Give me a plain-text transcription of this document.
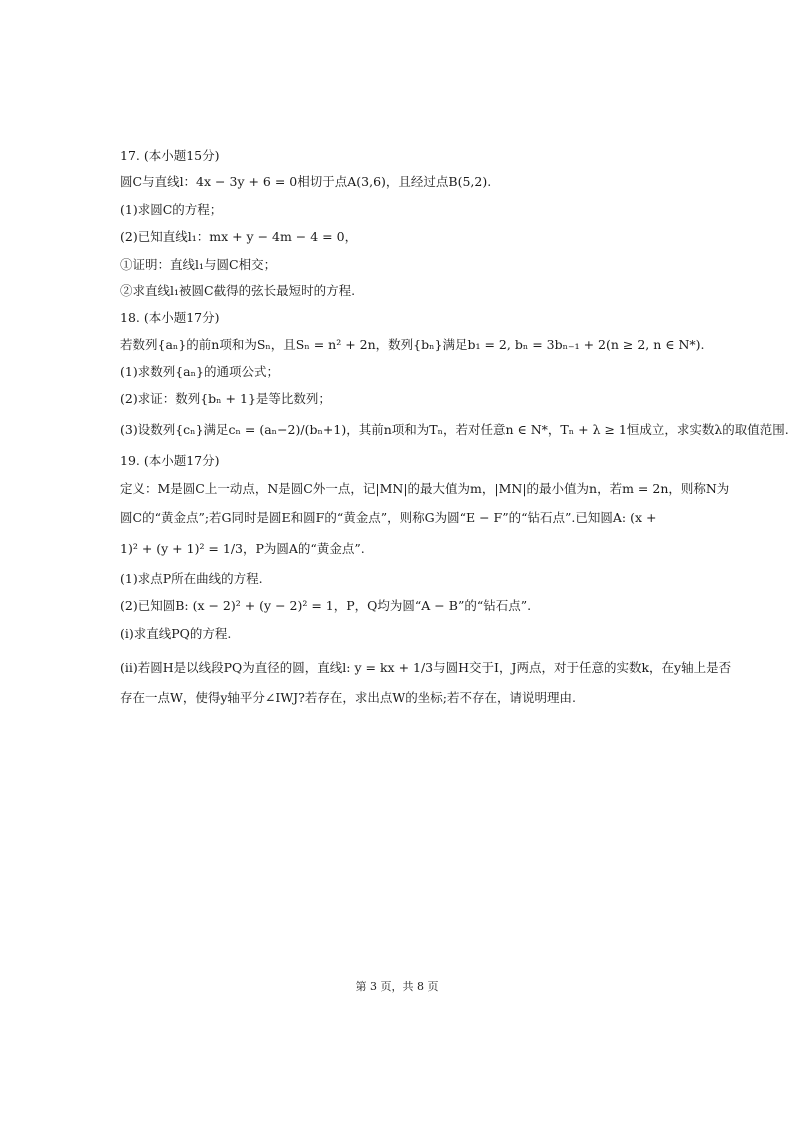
17. (本小题15分)
圆C与直线l：4x − 3y + 6 = 0相切于点A(3,6)，且经过点B(5,2).
(1)求圆C的方程；
(2)已知直线l₁：mx + y − 4m − 4 = 0，
①证明：直线l₁与圆C相交；
②求直线l₁被圆C截得的弦长最短时的方程.
18. (本小题17分)
若数列{aₙ}的前n项和为Sₙ，且Sₙ = n² + 2n，数列{bₙ}满足b₁ = 2, bₙ = 3bₙ₋₁ + 2(n ≥ 2, n ∈ N*).
(1)求数列{aₙ}的通项公式；
(2)求证：数列{bₙ + 1}是等比数列；
(3)设数列{cₙ}满足cₙ = (aₙ−2)/(bₙ+1)，其前n项和为Tₙ，若对任意n ∈ N*，Tₙ + λ ≥ 1恒成立，求实数λ的取值范围.
19. (本小题17分)
定义：M是圆C上一动点，N是圆C外一点，记|MN|的最大值为m，|MN|的最小值为n，若m = 2n，则称N为
圆C的“黄金点”;若G同时是圆E和圆F的“黄金点”，则称G为圆“E − F”的“钻石点”.已知圆A: (x +
1)² + (y + 1)² = 1/3，P为圆A的“黄金点”.
(1)求点P所在曲线的方程.
(2)已知圆B: (x − 2)² + (y − 2)² = 1，P，Q均为圆“A − B”的“钻石点”.
(i)求直线PQ的方程.
(ii)若圆H是以线段PQ为直径的圆，直线l: y = kx + 1/3与圆H交于I，J两点，对于任意的实数k，在y轴上是否
存在一点W，使得y轴平分∠IWJ?若存在，求出点W的坐标;若不存在，请说明理由.
第 3 页，共 8 页
